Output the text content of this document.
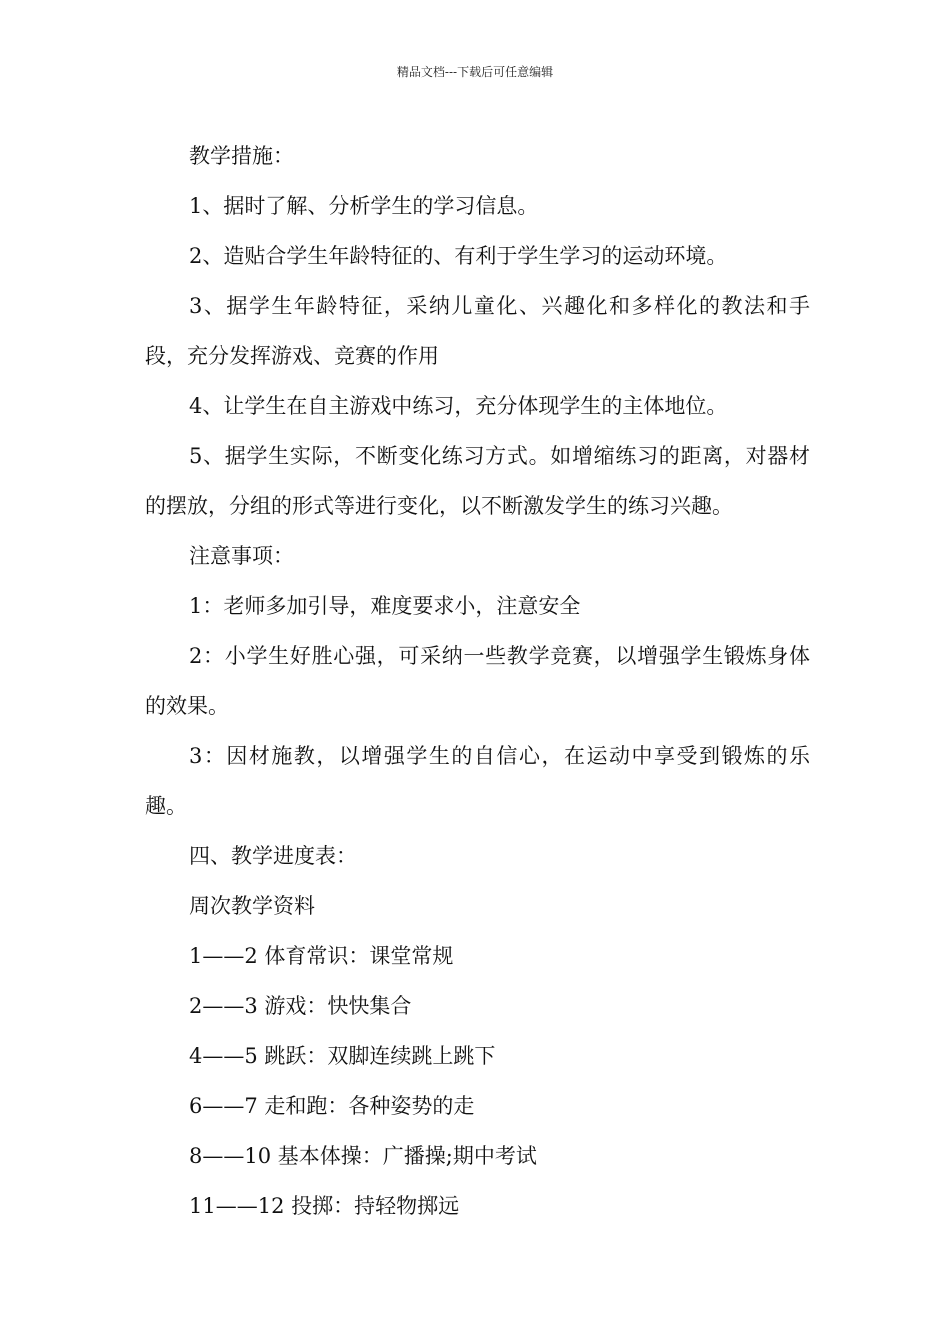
精品文档---下载后可任意编辑

教学措施：

1、据时了解、分析学生的学习信息。

2、造贴合学生年龄特征的、有利于学生学习的运动环境。

3、据学生年龄特征，采纳儿童化、兴趣化和多样化的教法和手段，充分发挥游戏、竞赛的作用

4、让学生在自主游戏中练习，充分体现学生的主体地位。

5、据学生实际，不断变化练习方式。如增缩练习的距离，对器材的摆放，分组的形式等进行变化，以不断激发学生的练习兴趣。

注意事项：

1：老师多加引导，难度要求小，注意安全

2：小学生好胜心强，可采纳一些教学竞赛，以增强学生锻炼身体的效果。

3：因材施教，以增强学生的自信心，在运动中享受到锻炼的乐趣。

四、教学进度表：

周次教学资料

1——2 体育常识：课堂常规

2——3 游戏：快快集合

4——5 跳跃：双脚连续跳上跳下

6——7 走和跑：各种姿势的走

8——10 基本体操：广播操;期中考试

11——12 投掷：持轻物掷远
